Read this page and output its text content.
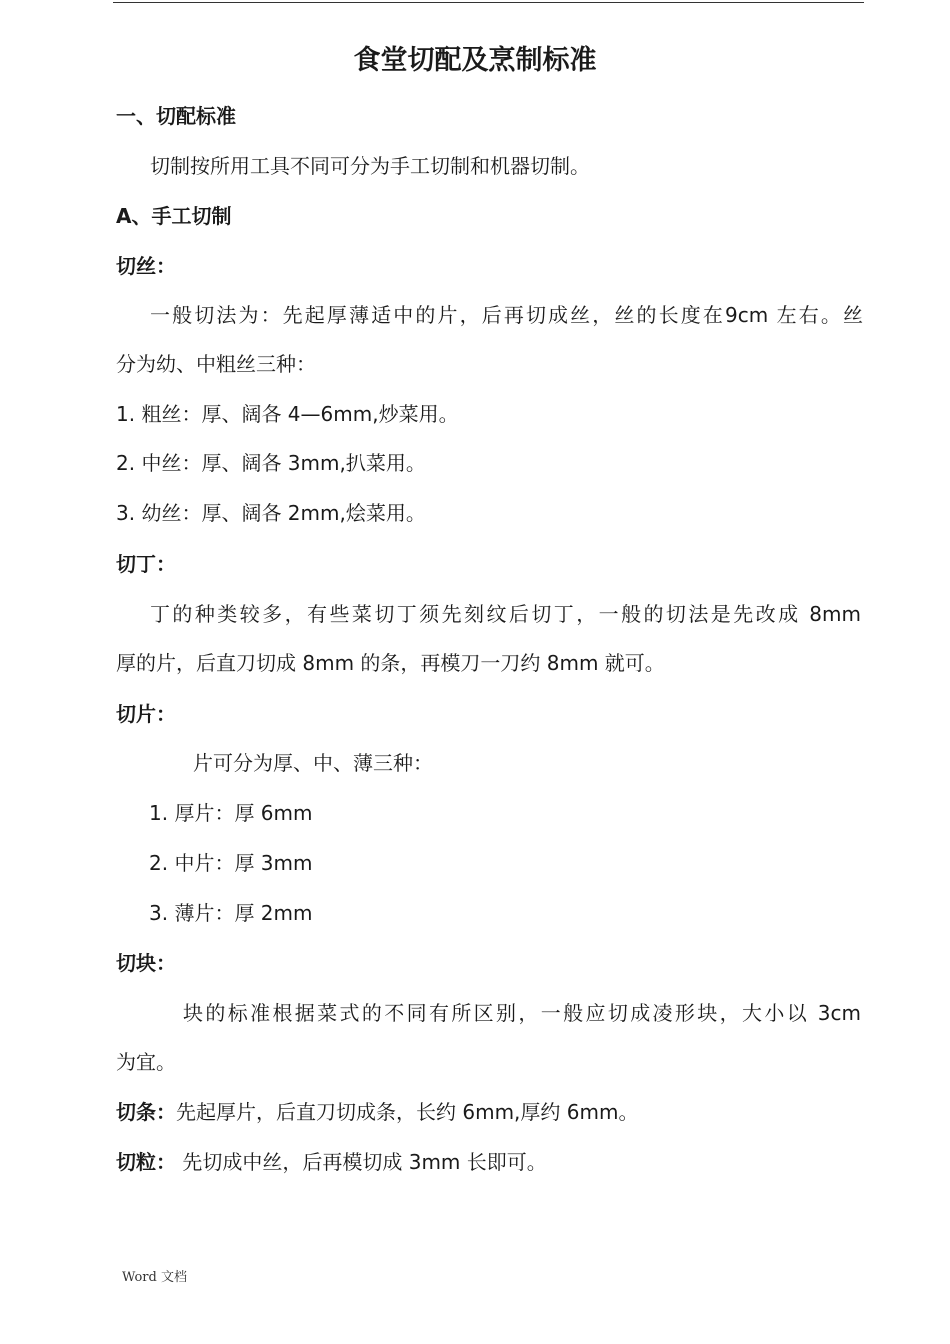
食堂切配及烹制标准
一、切配标准
切制按所用工具不同可分为手工切制和机器切制。
A、手工切制
切丝：
一般切法为：先起厚薄适中的片，后再切成丝，丝的长度在9cm 左右。丝
分为幼、中粗丝三种：
1. 粗丝：厚、阔各 4—6mm,炒菜用。
2. 中丝：厚、阔各 3mm,扒菜用。
3. 幼丝：厚、阔各 2mm,烩菜用。
切丁：
丁的种类较多，有些菜切丁须先刻纹后切丁，一般的切法是先改成 8mm
厚的片，后直刀切成 8mm 的条，再模刀一刀约 8mm 就可。
切片：
片可分为厚、中、薄三种：
1. 厚片：厚 6mm
2. 中片：厚 3mm
3. 薄片：厚 2mm
切块：
块的标准根据菜式的不同有所区别，一般应切成凌形块，大小以 3cm
为宜。
切条：先起厚片，后直刀切成条，长约 6mm,厚约 6mm。
切粒： 先切成中丝，后再模切成 3mm 长即可。
Word 文档
